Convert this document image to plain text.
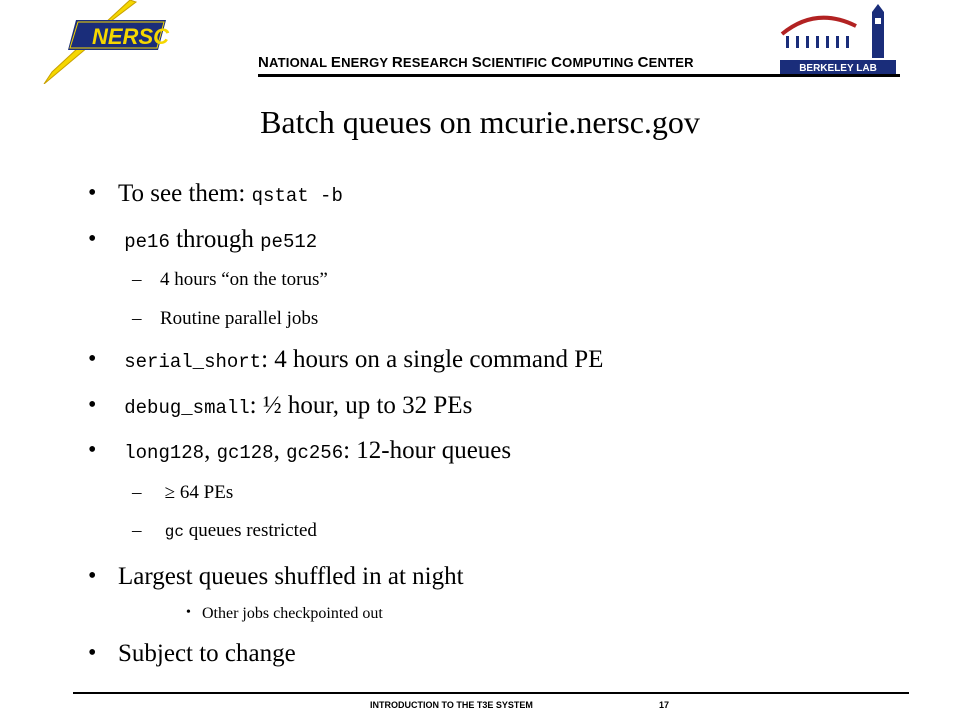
NERSC
NATIONAL ENERGY RESEARCH SCIENTIFIC COMPUTING CENTER	BERKELEY LAB
Batch queues on mcurie.nersc.gov
• To see them: qstat -b
•	pe16 through pe512
– 4 hours “on the torus”
– Routine parallel jobs
•	serial_short: 4 hours on a single command PE
•	debug_small: ½ hour, up to 32 PEs
•	long128, gc128, gc256: 12-hour queues
– ≥ 64 PEs
– gc queues restricted
• Largest queues shuffled in at night
• Other jobs checkpointed out
• Subject to change
INTRODUCTION TO THE T3E SYSTEM	17
